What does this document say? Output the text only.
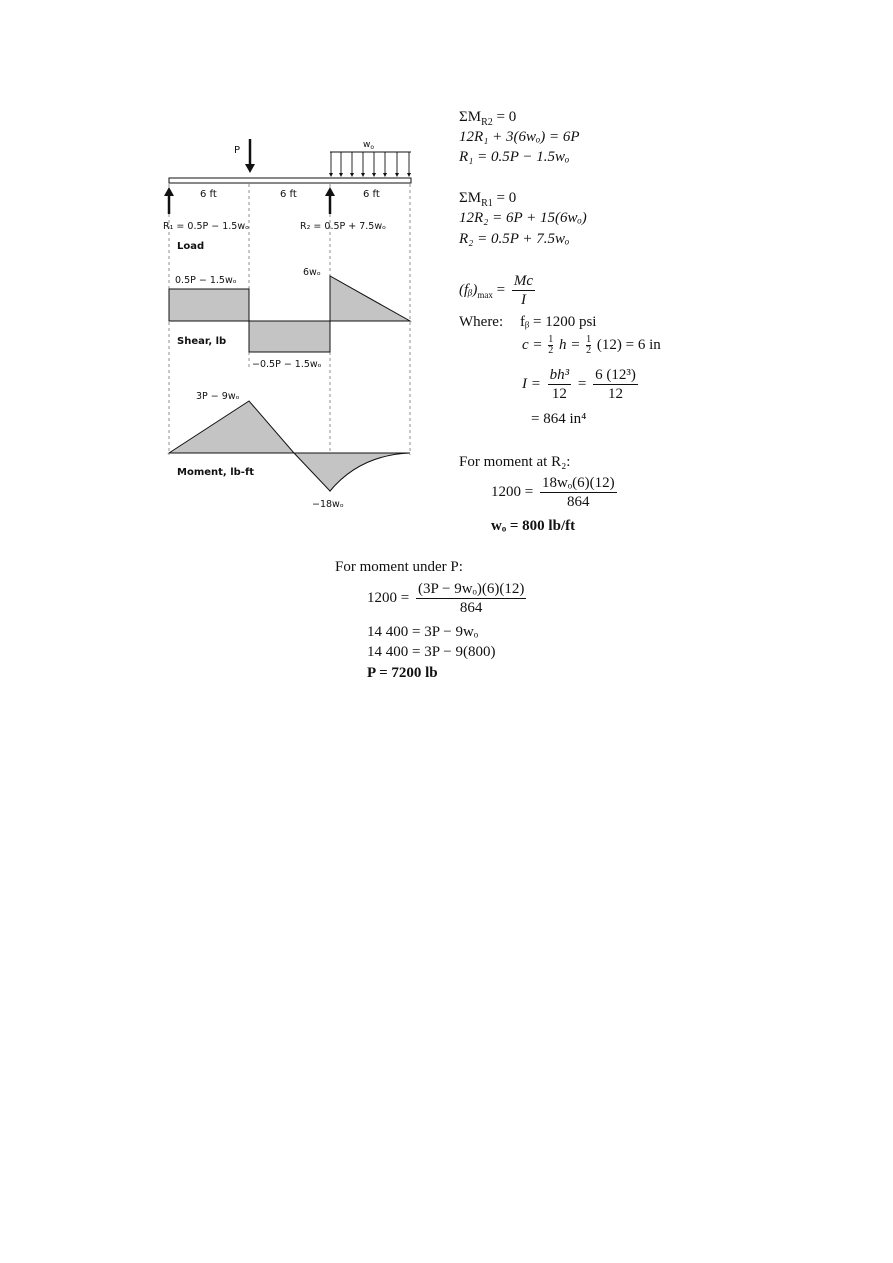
P	$w_o$
6 ft	6 ft	6 ft
R₁ = 0.5P − 1.5wₒ	R₂ = 0.5P + 7.5wₒ
Load
0.5P − 1.5wₒ
6wₒ
Shear, lb
−0.5P − 1.5wₒ
3P − 9wₒ
Moment, lb-ft
−18wₒ
$\Sigma M_{R2} = 0$
12R₁ + 3(6wₒ) = 6P
R₁ = 0.5P − 1.5wₒ
$\Sigma M_{R1} = 0$
12R₂ = 6P + 15(6wₒ)
R₂ = 0.5P + 7.5wₒ
$(fᵦ)_{max} = \frac{Mc}{I}$
Where: fᵦ = 1200 psi
$c = \frac{1}{2}$ $h = \frac{1}{2} (12) = 6$ in
$I = \frac{\text{bh³}}{12} = \frac{\text{6 (12³)}}{12}$
= 864 in⁴
For moment at R₂:
$1200 = \frac{\text{18wₒ(6)(12)}}{864}$
wₒ = 800 lb/ft
For moment under P:
$1200 = \frac{\text{(3P − 9wₒ)(6)(12)}}{864}$
14 400 = 3P − 9wₒ
14 400 = 3P − 9(800)
P = 7200 lb
